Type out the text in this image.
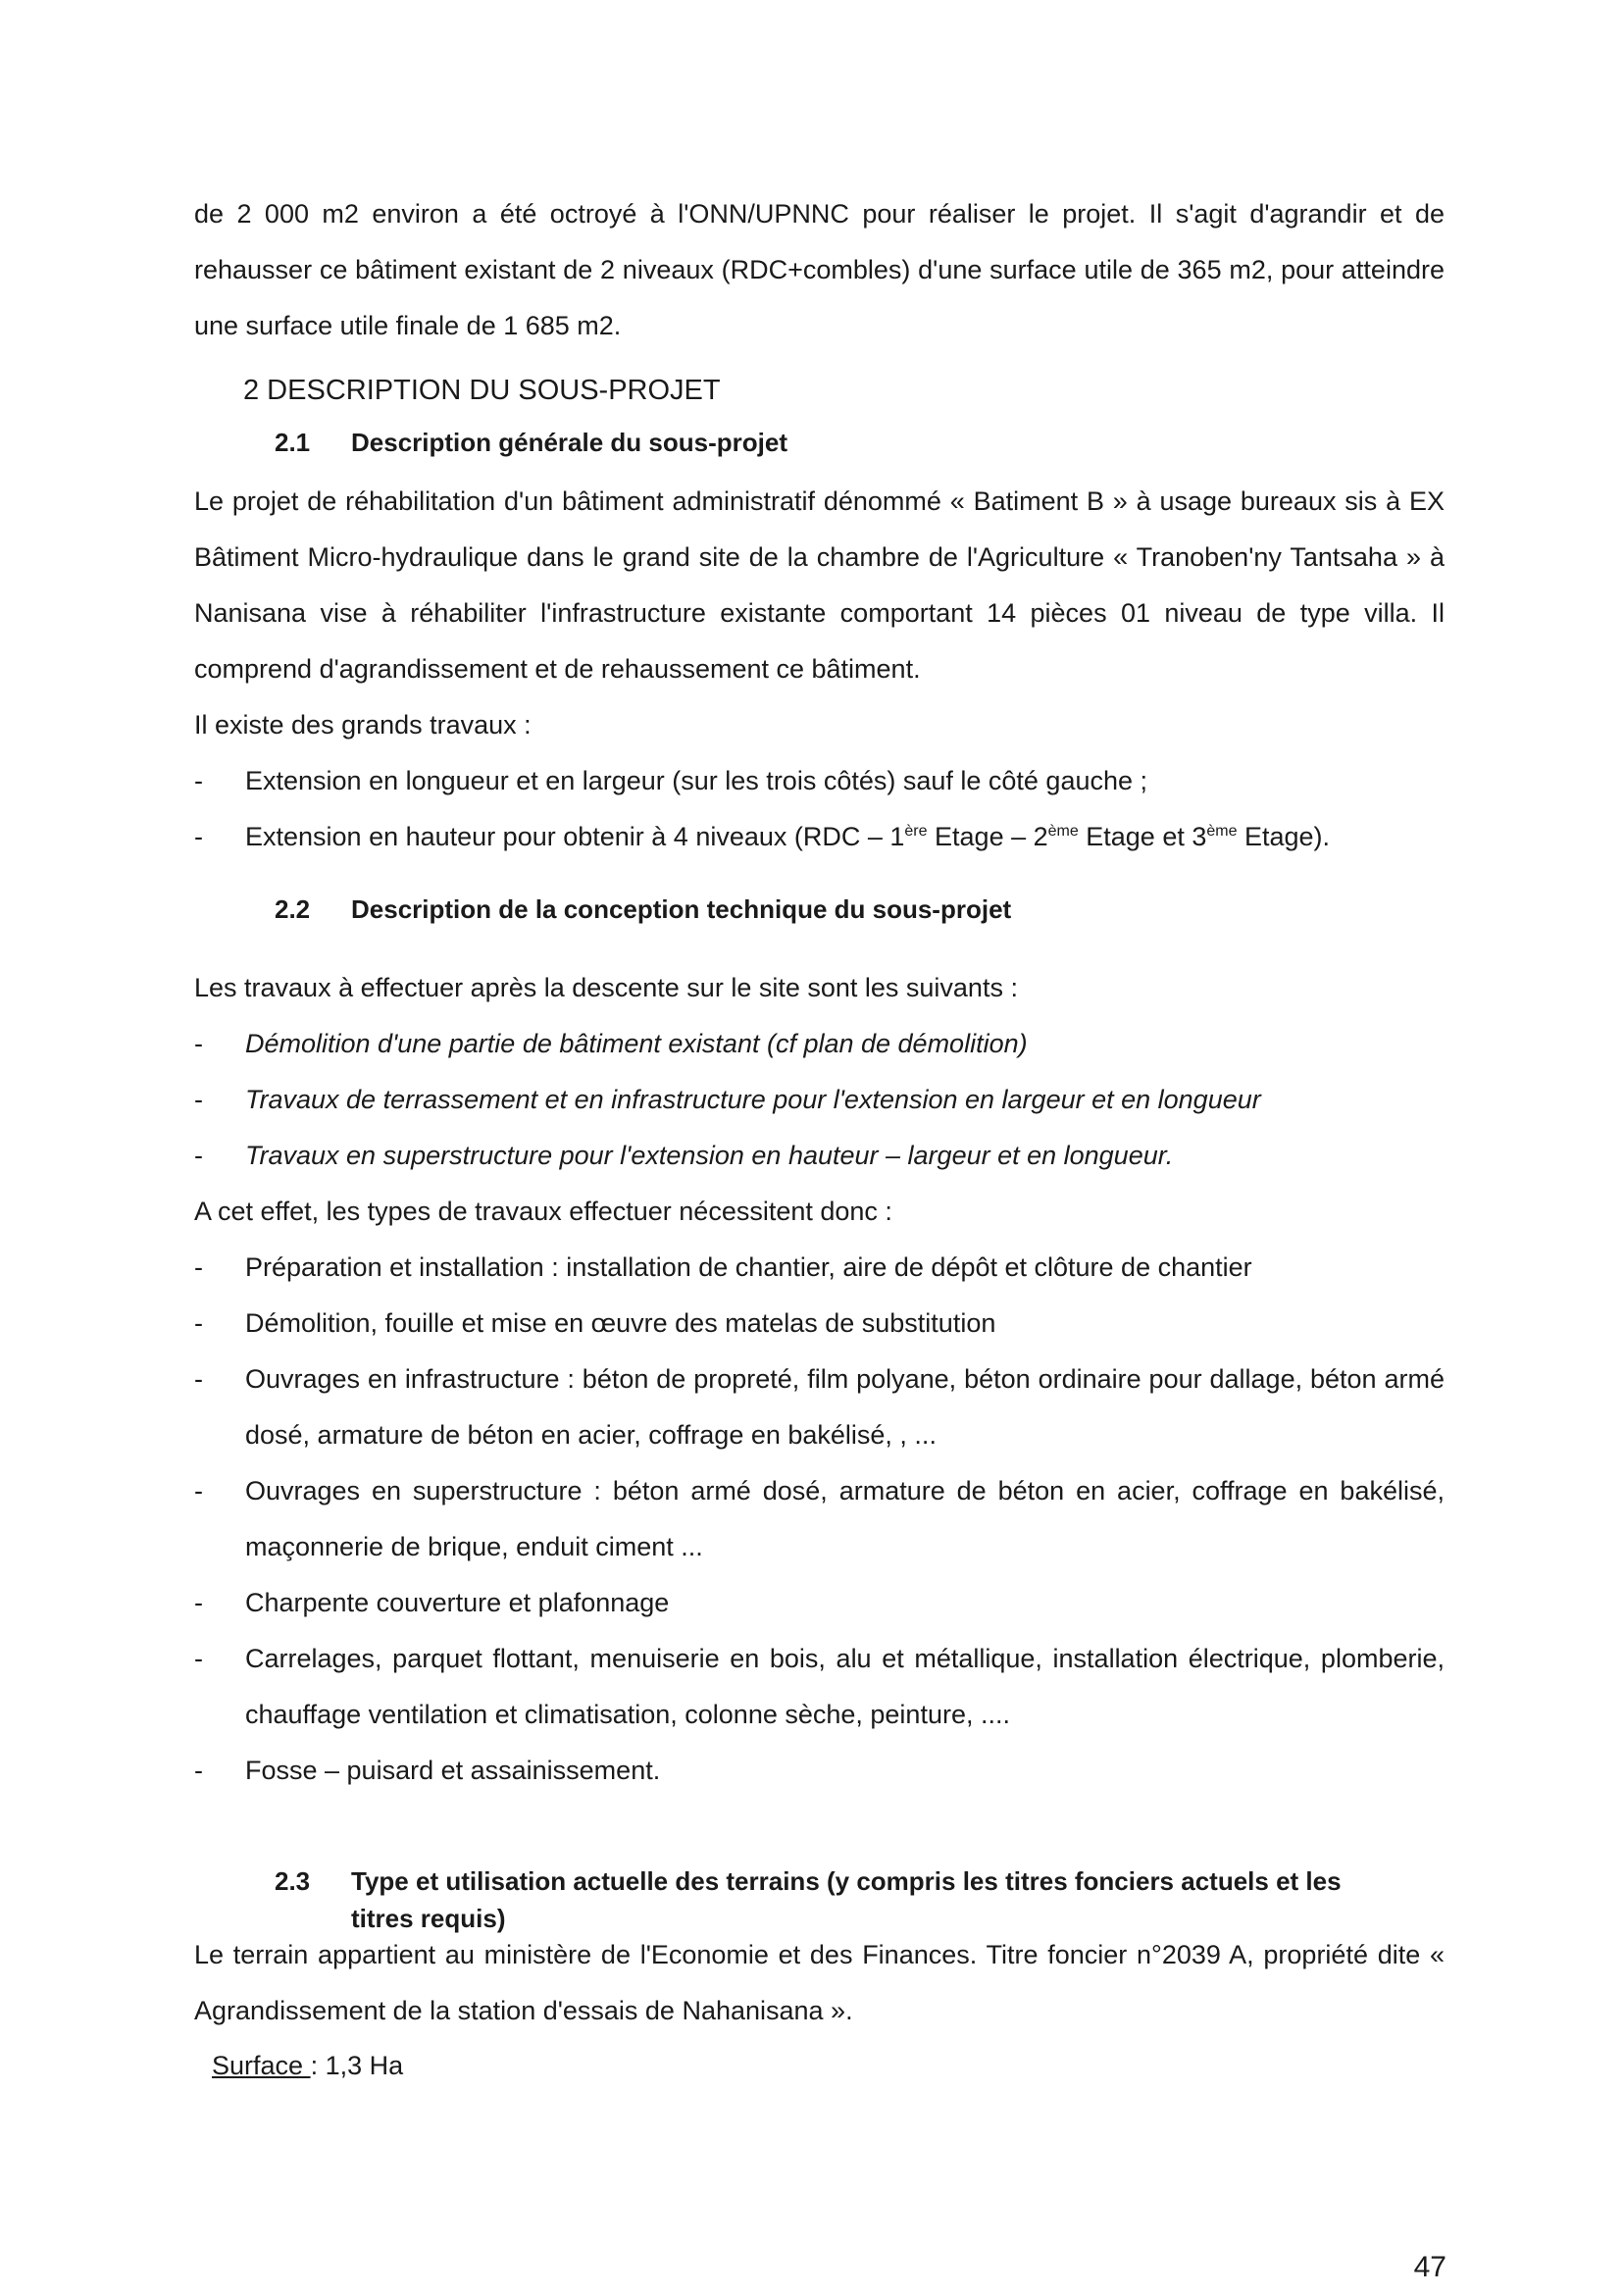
de 2 000 m2 environ a été octroyé à l'ONN/UPNNC pour réaliser le projet. Il s'agit d'agrandir et de rehausser ce bâtiment existant de 2 niveaux (RDC+combles) d'une surface utile de 365 m2, pour atteindre une surface utile finale de 1 685 m2.

2 DESCRIPTION DU SOUS-PROJET
2.1 Description générale du sous-projet

Le projet de réhabilitation d'un bâtiment administratif dénommé « Batiment B » à usage bureaux sis à EX Bâtiment Micro-hydraulique dans le grand site de la chambre de l'Agriculture « Tranoben'ny Tantsaha » à Nanisana vise à réhabiliter l'infrastructure existante comportant 14 pièces 01 niveau de type villa. Il comprend d'agrandissement et de rehaussement ce bâtiment.

Il existe des grands travaux :

- Extension en longueur et en largeur (sur les trois côtés) sauf le côté gauche ;
- Extension en hauteur pour obtenir à 4 niveaux (RDC – 1ère Etage – 2ème Etage et 3ème Etage).
2.2 Description de la conception technique du sous-projet

Les travaux à effectuer après la descente sur le site sont les suivants :

- Démolition d'une partie de bâtiment existant (cf plan de démolition)
- Travaux de terrassement et en infrastructure pour l'extension en largeur et en longueur
- Travaux en superstructure pour l'extension en hauteur – largeur et en longueur.

A cet effet, les types de travaux effectuer nécessitent donc :

- Préparation et installation : installation de chantier, aire de dépôt et clôture de chantier
- Démolition, fouille et mise en œuvre des matelas de substitution
- Ouvrages en infrastructure : béton de propreté, film polyane, béton ordinaire pour dallage, béton armé dosé, armature de béton en acier, coffrage en bakélisé, , ...
- Ouvrages en superstructure : béton armé dosé, armature de béton en acier, coffrage en bakélisé, maçonnerie de brique, enduit ciment ...
- Charpente couverture et plafonnage
- Carrelages, parquet flottant, menuiserie en bois, alu et métallique, installation électrique, plomberie, chauffage ventilation et climatisation, colonne sèche, peinture, ....
- Fosse – puisard et assainissement.
2.3 Type et utilisation actuelle des terrains (y compris les titres fonciers actuels et les titres requis)

Le terrain appartient au ministère de l'Economie et des Finances. Titre foncier n°2039 A, propriété dite « Agrandissement de la station d'essais de Nahanisana ».

Surface : 1,3 Ha
47
